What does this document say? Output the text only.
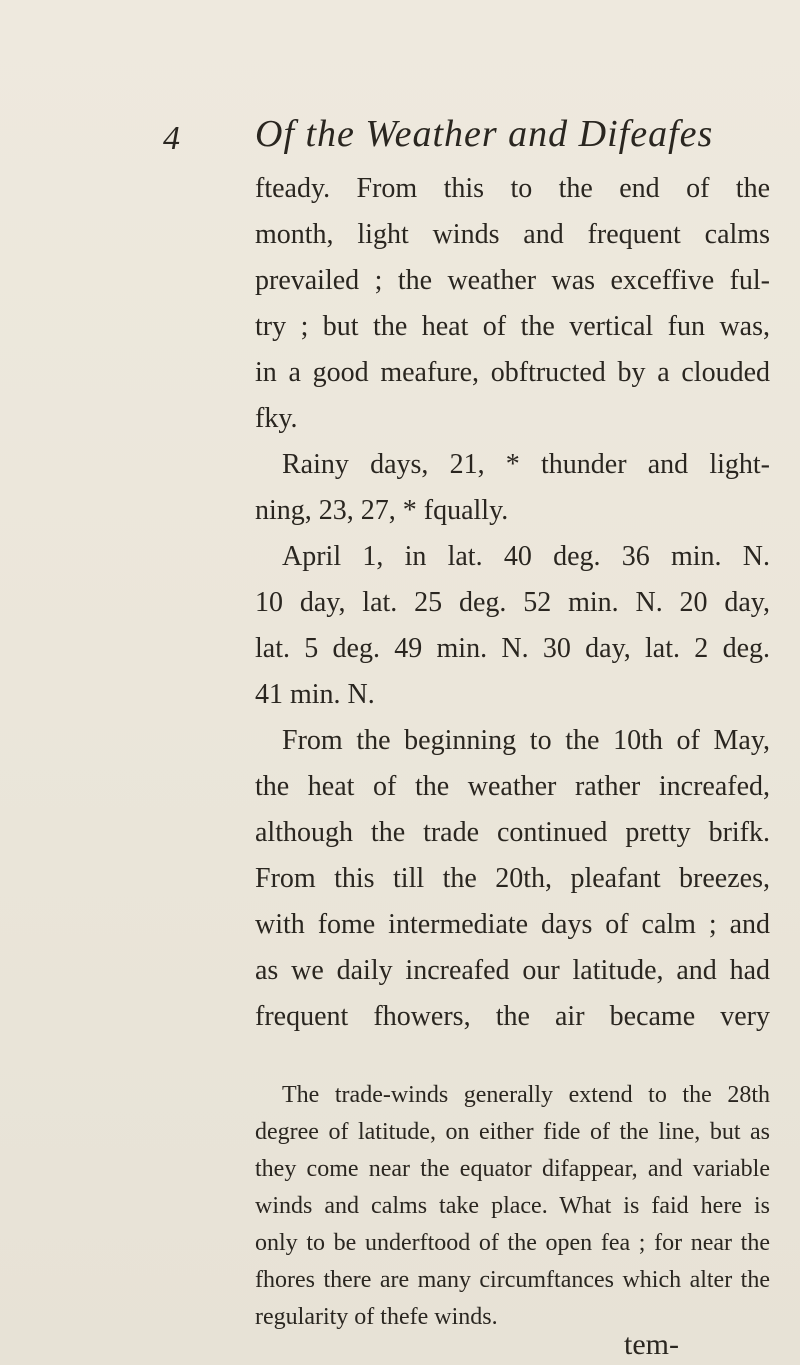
4 Of the Weather and Difeafes
fteady. From this to the end of the
month, light winds and frequent calms
prevailed ; the weather was exceffive ful-
try ; but the heat of the vertical fun was,
in a good meafure, obftructed by a clouded
fky.
Rainy days, 21, * thunder and light-
ning, 23, 27, * fqually.
April 1, in lat. 40 deg. 36 min. N.
10 day, lat. 25 deg. 52 min. N. 20 day,
lat. 5 deg. 49 min. N. 30 day, lat. 2 deg.
41 min. N.
From the beginning to the 10th of May,
the heat of the weather rather increafed,
although the trade continued pretty brifk.
From this till the 20th, pleafant breezes,
with fome intermediate days of calm ; and
as we daily increafed our latitude, and had
frequent fhowers, the air became very
The trade-winds generally extend to the 28th
degree of latitude, on either fide of the line, but as
they come near the equator difappear, and variable
winds and calms take place. What is faid here is
only to be underftood of the open fea ; for near the
fhores there are many circumftances which alter the
regularity of thefe winds.
tem-
